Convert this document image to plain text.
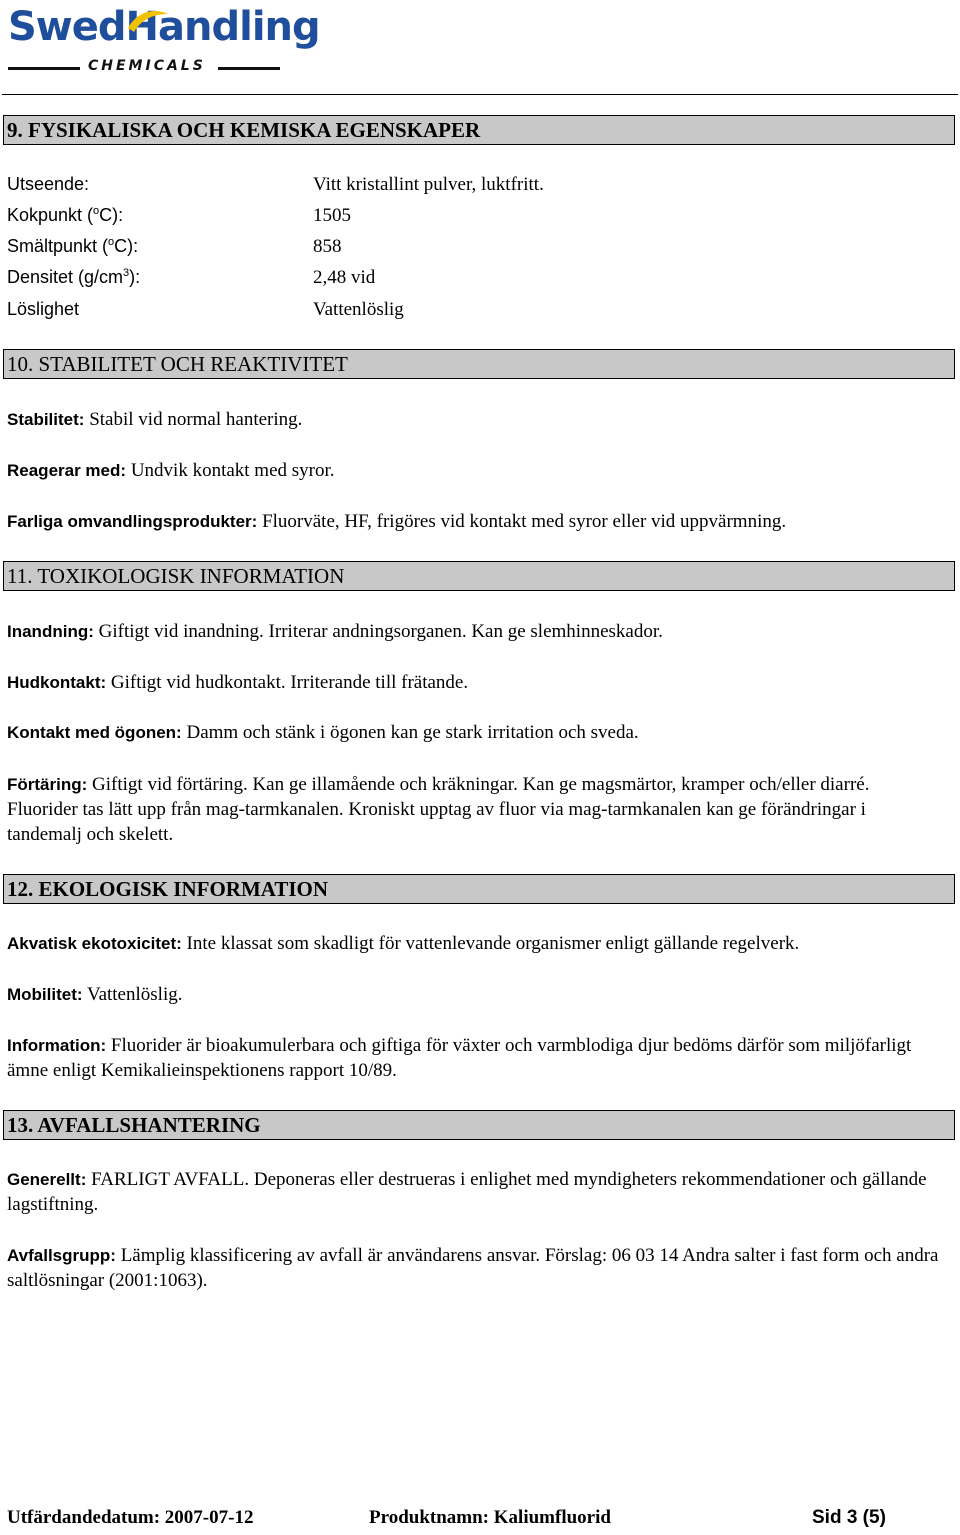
SwedHandling
CHEMICALS
9. FYSIKALISKA OCH KEMISKA EGENSKAPER
Utseende:	Vitt kristallint pulver, luktfritt.
Kokpunkt ($^o$C):	1505
Smältpunkt ($^o$C):	858
Densitet $(g/cm^3)$:	2,48 vid
Löslighet	Vattenlöslig
10. STABILITET OCH REAKTIVITET
Stabilitet: Stabil vid normal hantering.
Reagerar med: Undvik kontakt med syror.
Farliga omvandlingsprodukter: Fluorväte, HF, frigöres vid kontakt med syror eller vid uppvärmning.
11. TOXIKOLOGISK INFORMATION
Inandning: Giftigt vid inandning. Irriterar andningsorganen. Kan ge slemhinneskador.
Hudkontakt: Giftigt vid hudkontakt. Irriterande till frätande.
Kontakt med ögonen: Damm och stänk i ögonen kan ge stark irritation och sveda.
Förtäring: Giftigt vid förtäring. Kan ge illamående och kräkningar. Kan ge magsmärtor, kramper och/eller diarré. Fluorider tas lätt upp från mag-tarmkanalen. Kroniskt upptag av fluor via mag-tarmkanalen kan ge förändringar i tandemalj och skelett.
12. EKOLOGISK INFORMATION
Akvatisk ekotoxicitet: Inte klassat som skadligt för vattenlevande organismer enligt gällande regelverk.
Mobilitet: Vattenlöslig.
Information: Fluorider är bioakumulerbara och giftiga för växter och varmblodiga djur bedöms därför som miljöfarligt ämne enligt Kemikalieinspektionens rapport 10/89.
13. AVFALLSHANTERING
Generellt: FARLIGT AVFALL. Deponeras eller destrueras i enlighet med myndigheters rekommendationer och gällande lagstiftning.
Avfallsgrupp: Lämplig klassificering av avfall är användarens ansvar. Förslag: 06 03 14 Andra salter i fast form och andra saltlösningar (2001:1063).
Utfärdandedatum: 2007-07-12	Produktnamn: Kaliumfluorid	Sid 3 (5)
